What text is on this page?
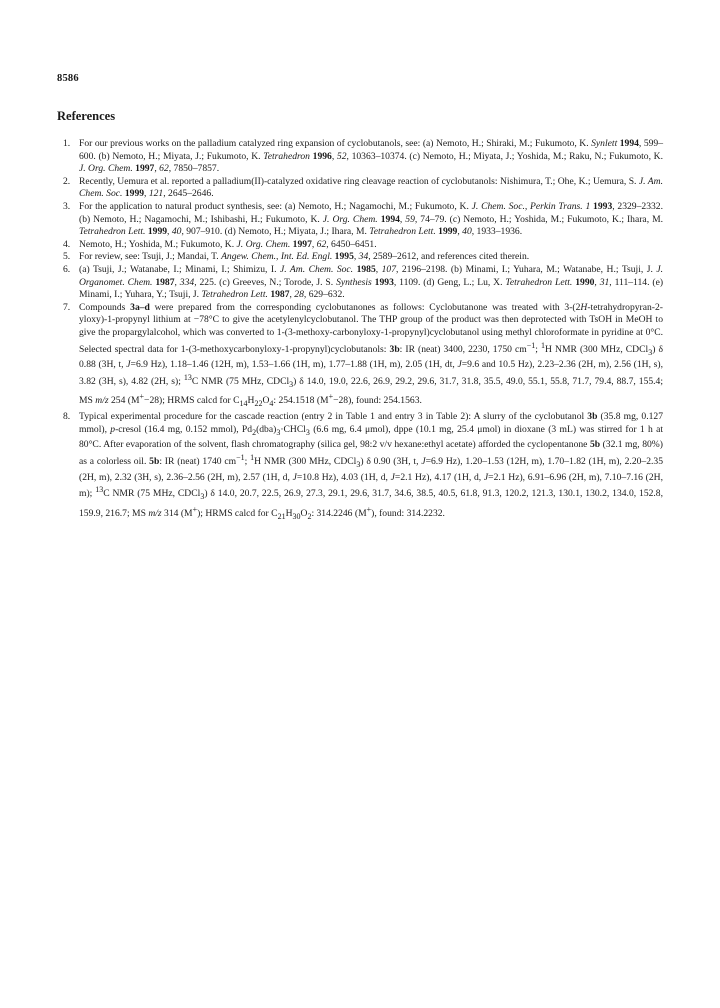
8586
References
1. For our previous works on the palladium catalyzed ring expansion of cyclobutanols, see: (a) Nemoto, H.; Shiraki, M.; Fukumoto, K. Synlett 1994, 599–600. (b) Nemoto, H.; Miyata, J.; Fukumoto, K. Tetrahedron 1996, 52, 10363–10374. (c) Nemoto, H.; Miyata, J.; Yoshida, M.; Raku, N.; Fukumoto, K. J. Org. Chem. 1997, 62, 7850–7857.
2. Recently, Uemura et al. reported a palladium(II)-catalyzed oxidative ring cleavage reaction of cyclobutanols: Nishimura, T.; Ohe, K.; Uemura, S. J. Am. Chem. Soc. 1999, 121, 2645–2646.
3. For the application to natural product synthesis, see: (a) Nemoto, H.; Nagamochi, M.; Fukumoto, K. J. Chem. Soc., Perkin Trans. 1 1993, 2329–2332. (b) Nemoto, H.; Nagamochi, M.; Ishibashi, H.; Fukumoto, K. J. Org. Chem. 1994, 59, 74–79. (c) Nemoto, H.; Yoshida, M.; Fukumoto, K.; Ihara, M. Tetrahedron Lett. 1999, 40, 907–910. (d) Nemoto, H.; Miyata, J.; Ihara, M. Tetrahedron Lett. 1999, 40, 1933–1936.
4. Nemoto, H.; Yoshida, M.; Fukumoto, K. J. Org. Chem. 1997, 62, 6450–6451.
5. For review, see: Tsuji, J.; Mandai, T. Angew. Chem., Int. Ed. Engl. 1995, 34, 2589–2612, and references cited therein.
6. (a) Tsuji, J.; Watanabe, I.; Minami, I.; Shimizu, I. J. Am. Chem. Soc. 1985, 107, 2196–2198. (b) Minami, I.; Yuhara, M.; Watanabe, H.; Tsuji, J. J. Organomet. Chem. 1987, 334, 225. (c) Greeves, N.; Torode, J. S. Synthesis 1993, 1109. (d) Geng, L.; Lu, X. Tetrahedron Lett. 1990, 31, 111–114. (e) Minami, I.; Yuhara, Y.; Tsuji, J. Tetrahedron Lett. 1987, 28, 629–632.
7. Compounds 3a–d were prepared from the corresponding cyclobutanones as follows: Cyclobutanone was treated with 3-(2H-tetrahydropyran-2-yloxy)-1-propynyl lithium at −78°C to give the acetylenylcyclobutanol. The THP group of the product was then deprotected with TsOH in MeOH to give the propargylalcohol, which was converted to 1-(3-methoxy-carbonyloxy-1-propynyl)cyclobutanol using methyl chloroformate in pyridine at 0°C. Selected spectral data for 1-(3-methoxycarbonyloxy-1-propynyl)cyclobutanols: 3b: IR (neat) 3400, 2230, 1750 $cm^{-1}$; $^1$H NMR (300 MHz, CDCl$_3$) δ 0.88 (3H, t, J=6.9 Hz), 1.18–1.46 (12H, m), 1.53–1.66 (1H, m), 1.77–1.88 (1H, m), 2.05 (1H, dt, J=9.6 and 10.5 Hz), 2.23–2.36 (2H, m), 2.56 (1H, s), 3.82 (3H, s), 4.82 (2H, s); $^{13}$C NMR (75 MHz, CDCl$_3$) δ 14.0, 19.0, 22.6, 26.9, 29.2, 29.6, 31.7, 31.8, 35.5, 49.0, 55.1, 55.8, 71.7, 79.4, 88.7, 155.4; MS m/z 254 (M+−28); HRMS calcd for $C_{14}H_{22}O_4$: 254.1518 (M+−28), found: 254.1563.
8. Typical experimental procedure for the cascade reaction (entry 2 in Table 1 and entry 3 in Table 2): A slurry of the cyclobutanol 3b (35.8 mg, 0.127 mmol), p-cresol (16.4 mg, 0.152 mmol), $Pd_2(dba)_3\cdot CHCl_3$ (6.6 mg, 6.4 μmol), dppe (10.1 mg, 25.4 μmol) in dioxane (3 mL) was stirred for 1 h at 80°C. After evaporation of the solvent, flash chromatography (silica gel, 98:2 v/v hexane:ethyl acetate) afforded the cyclopentanone 5b (32.1 mg, 80%) as a colorless oil. 5b: IR (neat) 1740 $cm^{-1}$; $^1$H NMR (300 MHz, CDCl$_3$) δ 0.90 (3H, t, J=6.9 Hz), 1.20–1.53 (12H, m), 1.70–1.82 (1H, m), 2.20–2.35 (2H, m), 2.32 (3H, s), 2.36–2.56 (2H, m), 2.57 (1H, d, J=10.8 Hz), 4.03 (1H, d, J=2.1 Hz), 4.17 (1H, d, J=2.1 Hz), 6.91–6.96 (2H, m), 7.10–7.16 (2H, m); $^{13}$C NMR (75 MHz, CDCl$_3$) δ 14.0, 20.7, 22.5, 26.9, 27.3, 29.1, 29.6, 31.7, 34.6, 38.5, 40.5, 61.8, 91.3, 120.2, 121.3, 130.1, 130.2, 134.0, 152.8, 159.9, 216.7; MS m/z 314 (M+); HRMS calcd for $C_{21}H_{30}O_2$: 314.2246 (M+), found: 314.2232.
